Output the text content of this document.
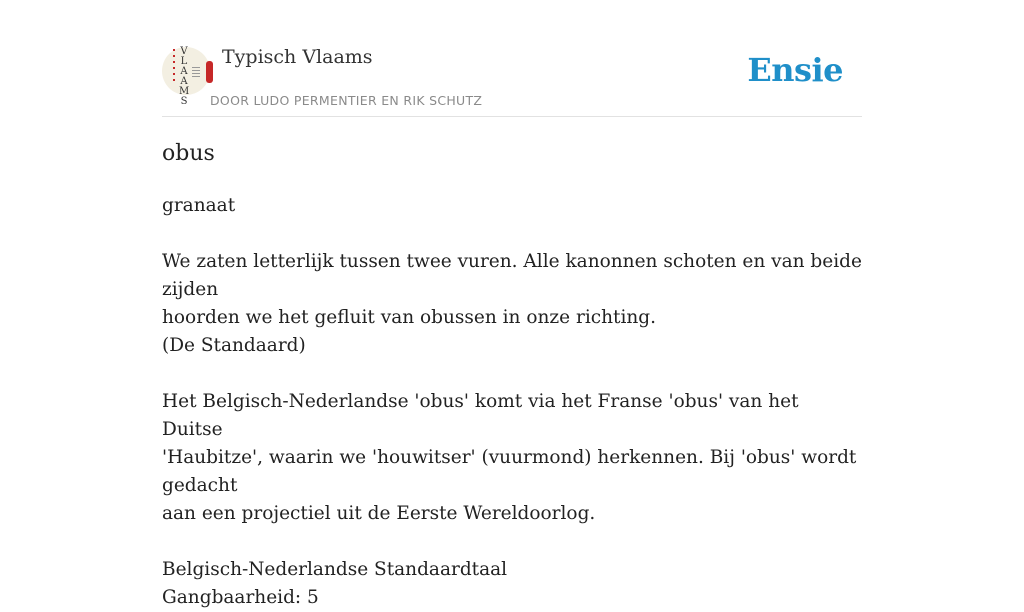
VLAAMS
Typisch Vlaams
DOOR LUDO PERMENTIER EN RIK SCHUTZ
Ensie
obus

granaat

We zaten letterlijk tussen twee vuren. Alle kanonnen schoten en van beide zijden

hoorden we het gefluit van obussen in onze richting.

(De Standaard)

Het Belgisch-Nederlandse 'obus' komt via het Franse 'obus' van het Duitse

'Haubitze', waarin we 'houwitser' (vuurmond) herkennen. Bij 'obus' wordt gedacht

aan een projectiel uit de Eerste Wereldoorlog.

Belgisch-Nederlandse Standaardtaal

Gangbaarheid: 5
